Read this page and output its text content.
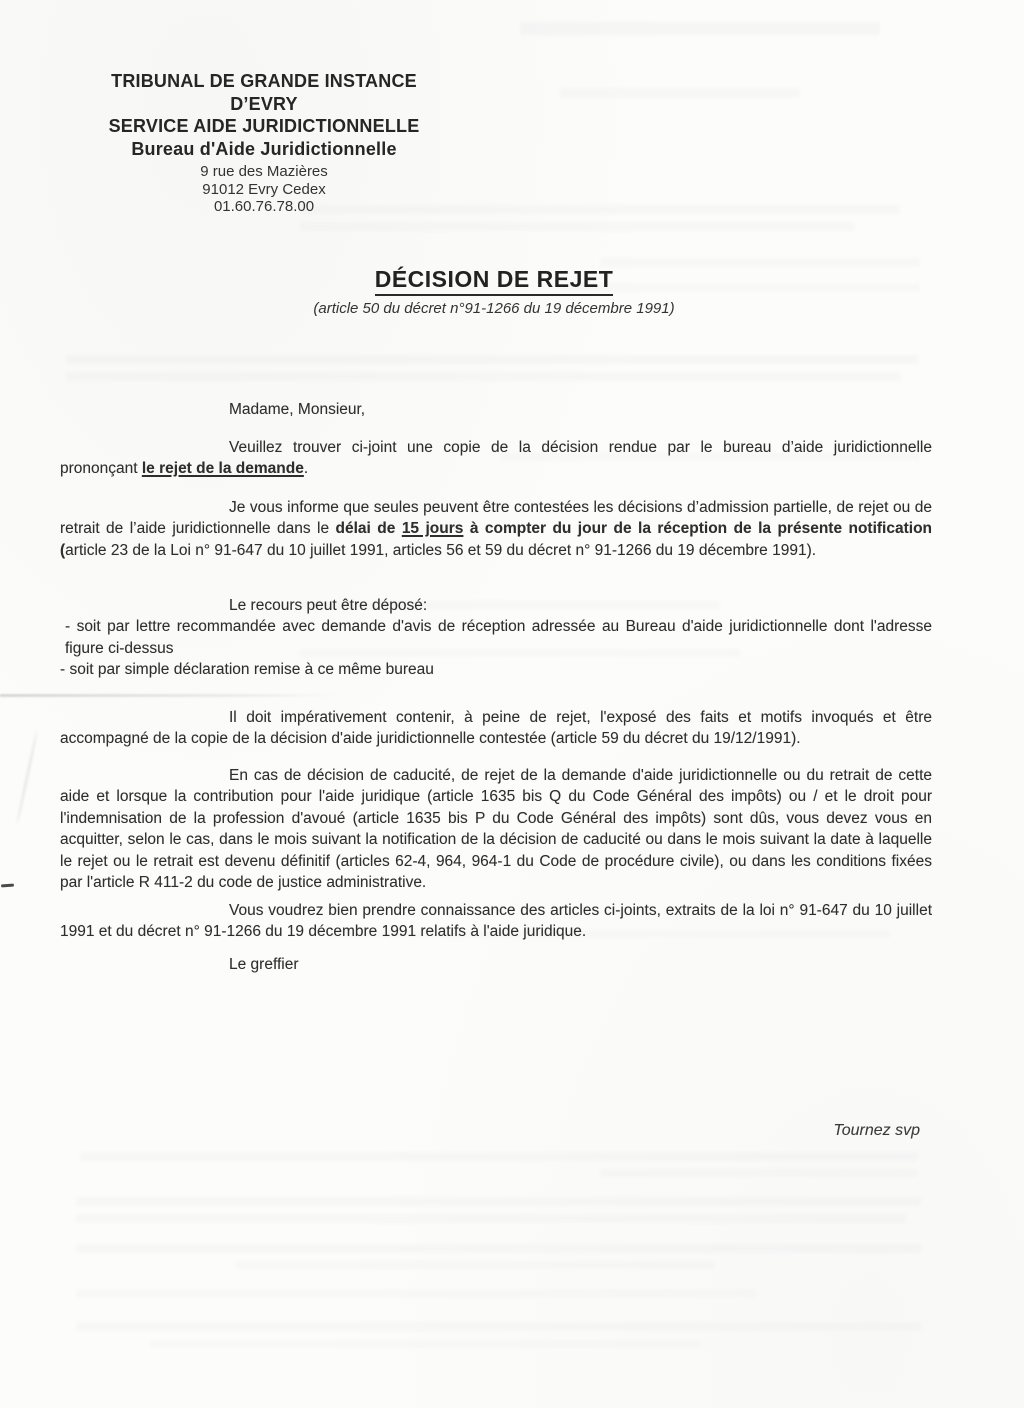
TRIBUNAL DE GRANDE INSTANCE
D’EVRY
SERVICE AIDE JURIDICTIONNELLE
Bureau d'Aide Juridictionnelle
9 rue des Mazières
91012 Evry Cedex
01.60.76.78.00
DÉCISION DE REJET
(article 50 du décret n°91-1266 du 19 décembre 1991)

Madame, Monsieur,

Veuillez trouver ci-joint une copie de la décision rendue par le bureau d’aide juridictionnelle prononçant le rejet de la demande.

Je vous informe que seules peuvent être contestées les décisions d’admission partielle, de rejet ou de retrait de l’aide juridictionnelle dans le délai de 15 jours à compter du jour de la réception de la présente notification (article 23 de la Loi n° 91-647 du 10 juillet 1991, articles 56 et 59 du décret n° 91-1266 du 19 décembre 1991).

Le recours peut être déposé:

- soit par lettre recommandée avec demande d'avis de réception adressée au Bureau d'aide juridictionnelle dont l'adresse figure ci-dessus
- soit par simple déclaration remise à ce même bureau

Il doit impérativement contenir, à peine de rejet, l'exposé des faits et motifs invoqués et être accompagné de la copie de la décision d'aide juridictionnelle contestée (article 59 du décret du 19/12/1991).

En cas de décision de caducité, de rejet de la demande d'aide juridictionnelle ou du retrait de cette aide et lorsque la contribution pour l'aide juridique (article 1635 bis Q du Code Général des impôts) ou / et le droit pour l'indemnisation de la profession d'avoué (article 1635 bis P du Code Général des impôts) sont dûs, vous devez vous en acquitter, selon le cas, dans le mois suivant la notification de la décision de caducité ou dans le mois suivant la date à laquelle le rejet ou le retrait est devenu définitif (articles 62-4, 964, 964-1 du Code de procédure civile), ou dans les conditions fixées par l'article R 411-2 du code de justice administrative.

Vous voudrez bien prendre connaissance des articles ci-joints, extraits de la loi n° 91-647 du 10 juillet 1991 et du décret n° 91-1266 du 19 décembre 1991 relatifs à l'aide juridique.

Le greffier

Tournez svp
